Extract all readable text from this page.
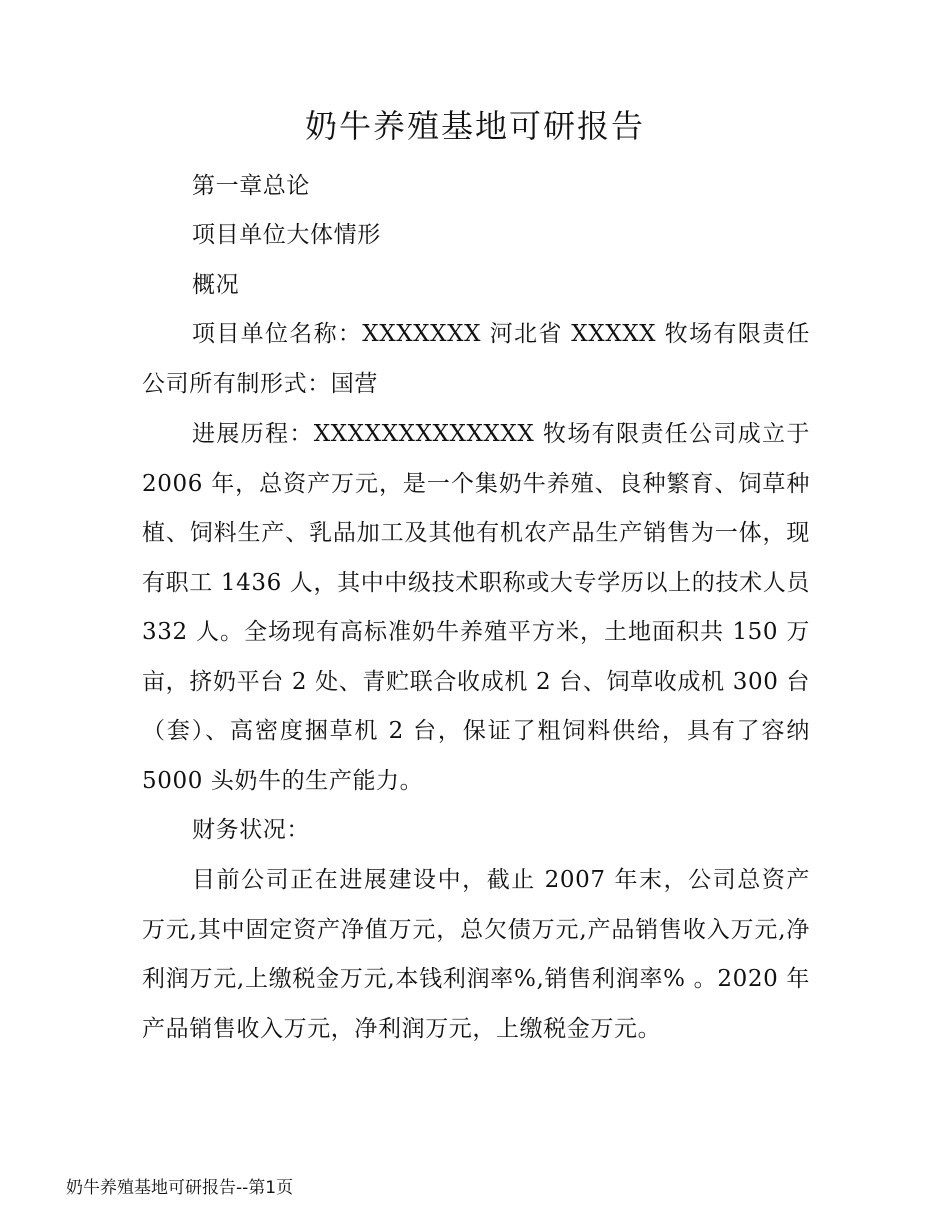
奶牛养殖基地可研报告

第一章总论

项目单位大体情形

概况

项目单位名称：XXXXXXX 河北省 XXXXX 牧场有限责任公司所有制形式：国营

进展历程：XXXXXXXXXXXXX 牧场有限责任公司成立于 2006 年，总资产万元，是一个集奶牛养殖、良种繁育、饲草种植、饲料生产、乳品加工及其他有机农产品生产销售为一体，现有职工 1436 人，其中中级技术职称或大专学历以上的技术人员 332 人。全场现有高标准奶牛养殖平方米，土地面积共 150 万亩，挤奶平台 2 处、青贮联合收成机 2 台、饲草收成机 300 台（套）、高密度捆草机 2 台，保证了粗饲料供给，具有了容纳 5000 头奶牛的生产能力。

财务状况：

目前公司正在进展建设中，截止 2007 年末，公司总资产万元,其中固定资产净值万元，总欠债万元,产品销售收入万元,净利润万元,上缴税金万元,本钱利润率%,销售利润率% 。2020 年产品销售收入万元，净利润万元，上缴税金万元。

奶牛养殖基地可研报告--第1页
